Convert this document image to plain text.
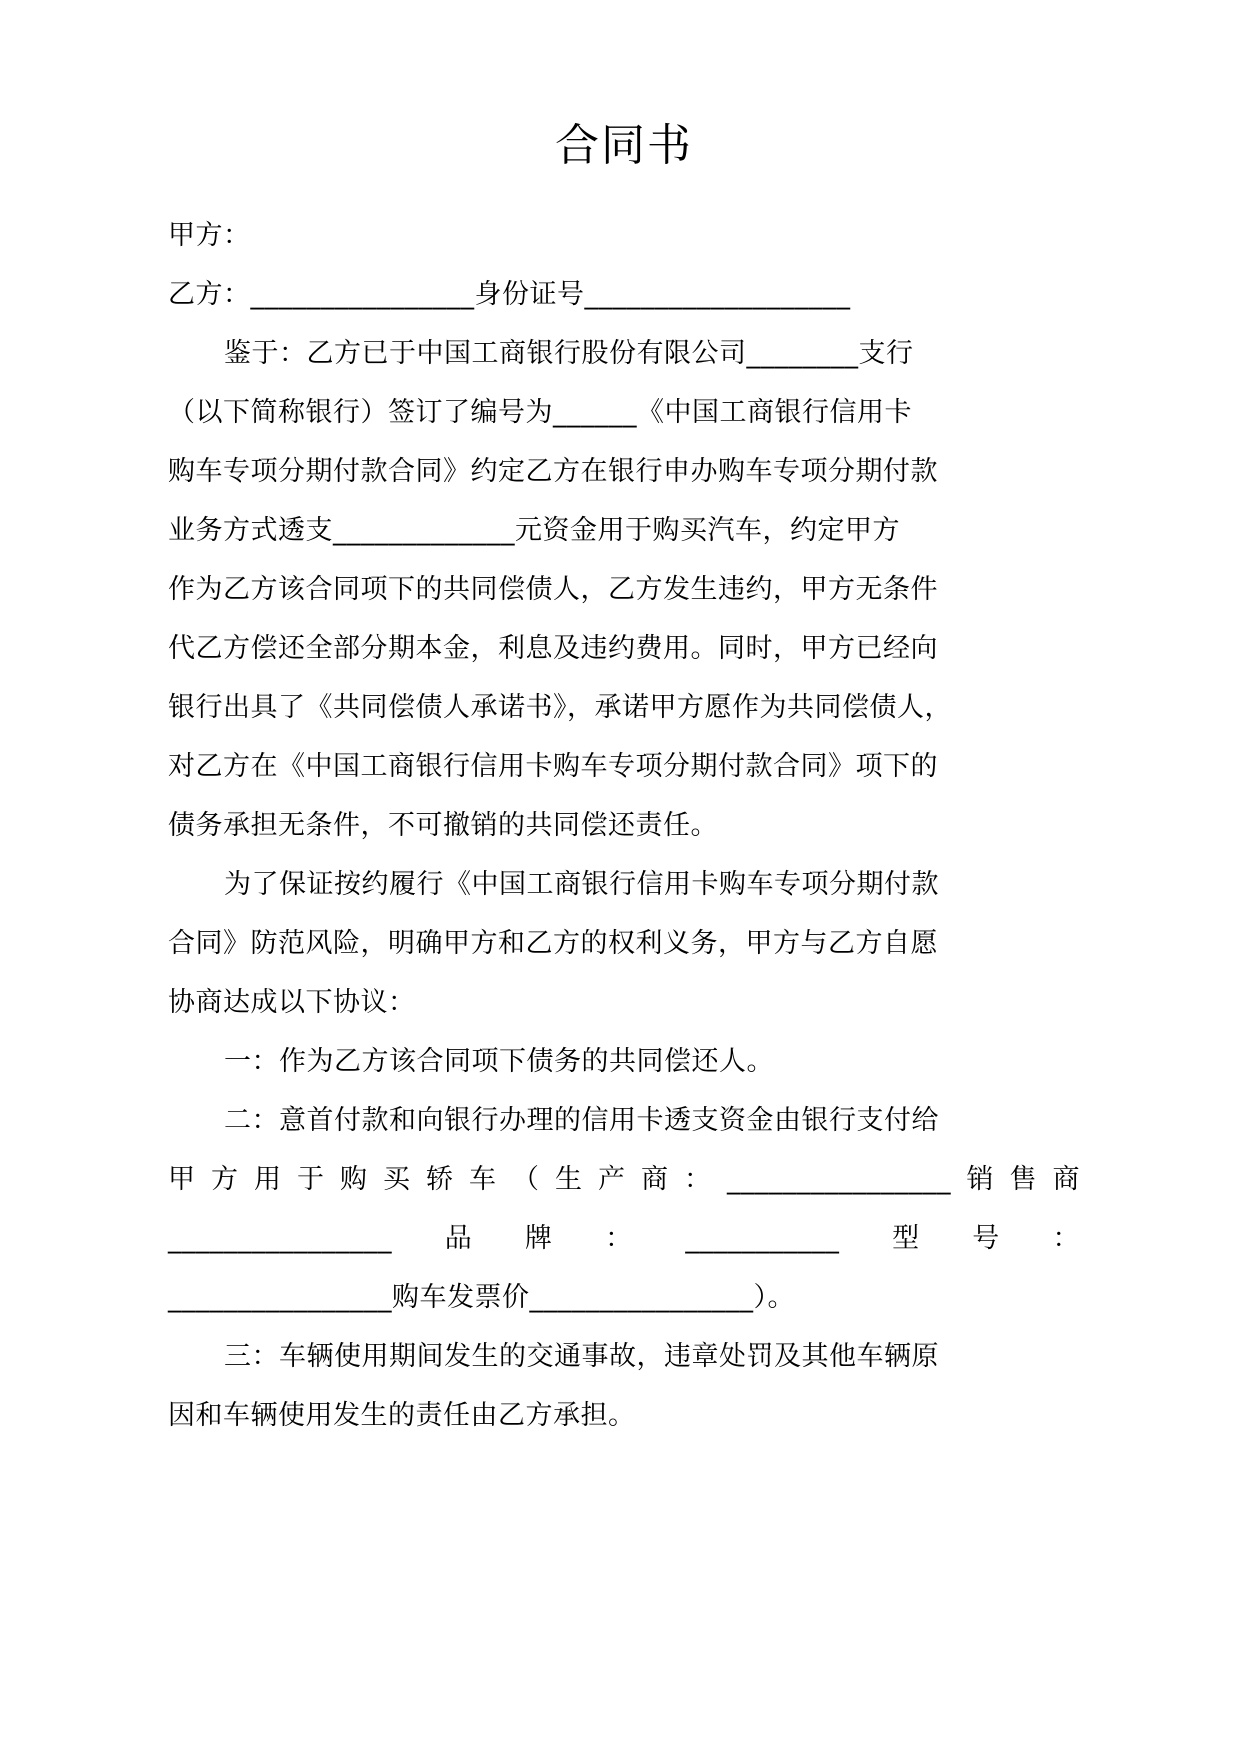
合同书

甲方：

乙方：________________身份证号___________________

鉴于：乙方已于中国工商银行股份有限公司________支行

（以下简称银行）签订了编号为______《中国工商银行信用卡

购车专项分期付款合同》约定乙方在银行申办购车专项分期付款

业务方式透支_____________元资金用于购买汽车，约定甲方

作为乙方该合同项下的共同偿债人，乙方发生违约，甲方无条件

代乙方偿还全部分期本金，利息及违约费用。同时，甲方已经向

银行出具了《共同偿债人承诺书》，承诺甲方愿作为共同偿债人，

对乙方在《中国工商银行信用卡购车专项分期付款合同》项下的

债务承担无条件，不可撤销的共同偿还责任。

为了保证按约履行《中国工商银行信用卡购车专项分期付款

合同》防范风险，明确甲方和乙方的权利义务，甲方与乙方自愿

协商达成以下协议：

一：作为乙方该合同项下债务的共同偿还人。

二：意首付款和向银行办理的信用卡透支资金由银行支付给

甲方用于购买轿车（生产商：________________销售商

________________品牌：___________型号：

________________购车发票价________________）。

三：车辆使用期间发生的交通事故，违章处罚及其他车辆原

因和车辆使用发生的责任由乙方承担。
